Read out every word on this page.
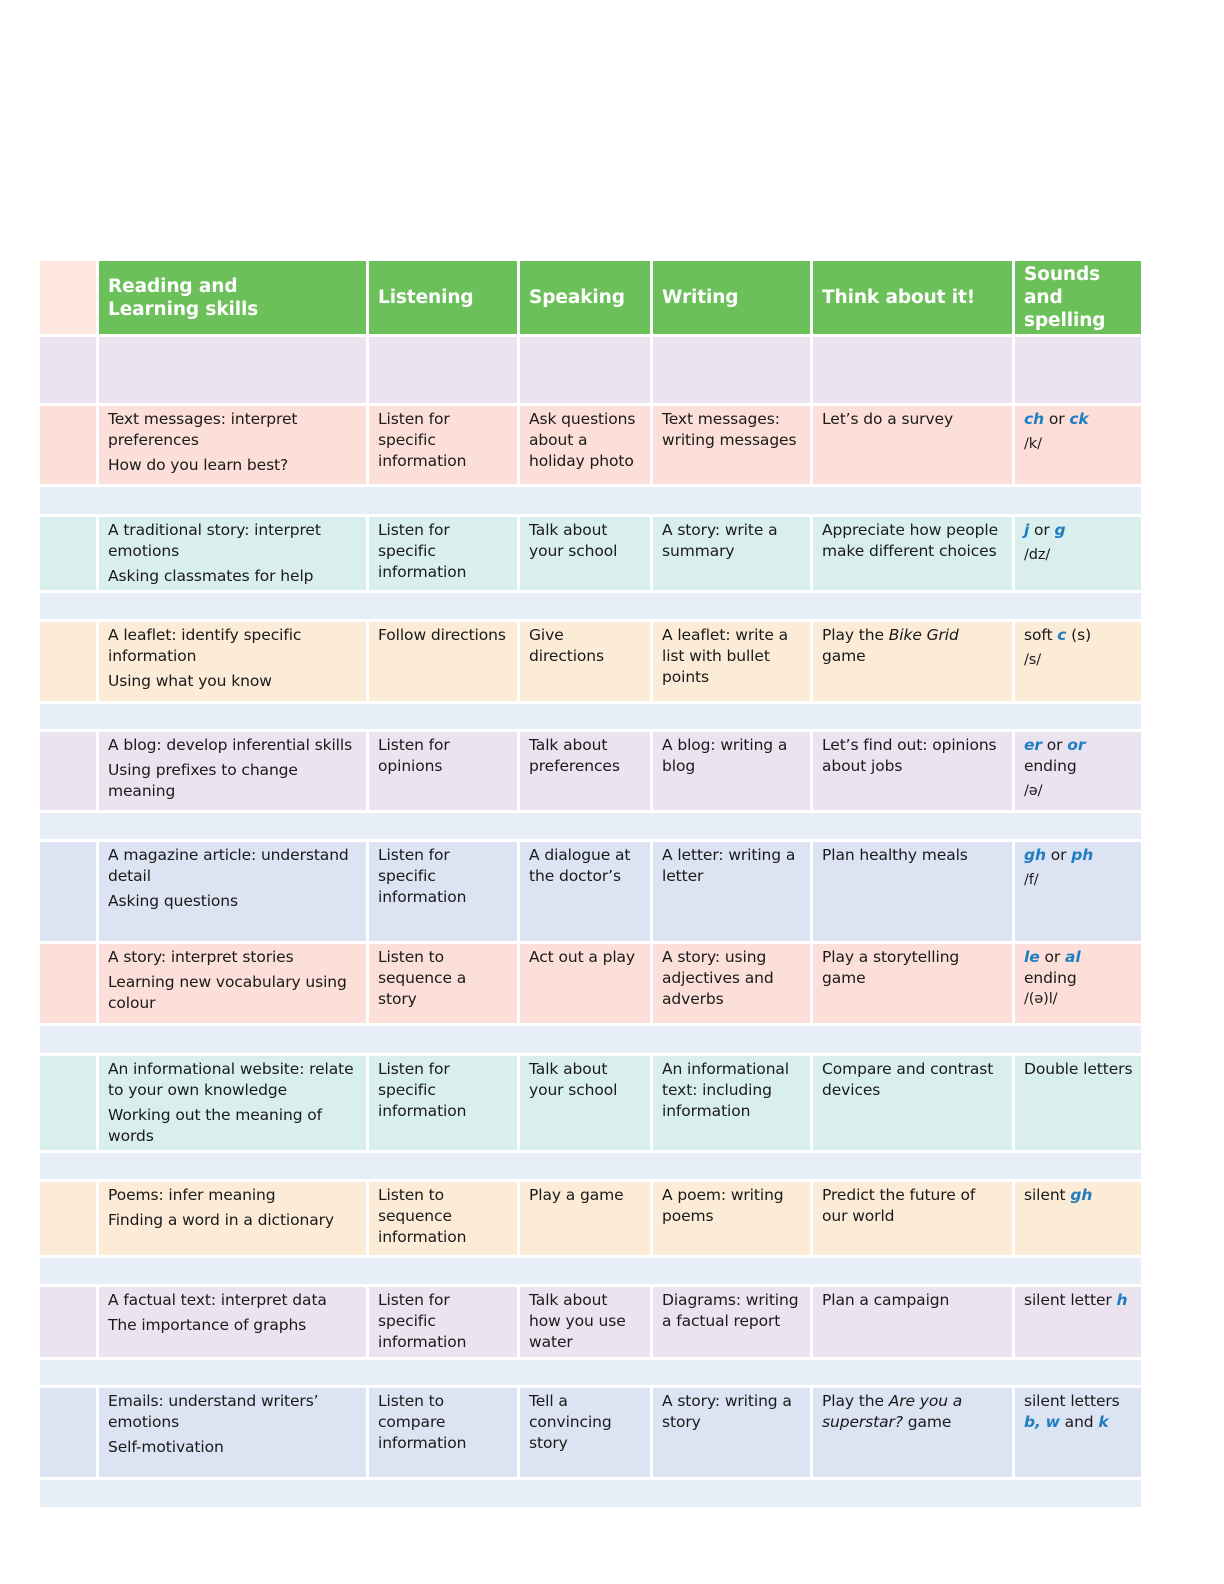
	Reading and
Learning skills	Listening	Speaking	Writing	Think about it!	Sounds and
spelling

	Text messages: interpret preferences
How do you learn best?	Listen for specific information	Ask questions about a holiday photo	Text messages: writing messages	Let’s do a survey	ch or ck
/k/

	A traditional story: interpret emotions
Asking classmates for help	Listen for specific information	Talk about your school	A story: write a summary	Appreciate how people make different choices	j or g
/dz/

	A leaflet: identify specific information
Using what you know	Follow directions	Give directions	A leaflet: write a list with bullet points	Play the Bike Grid game	soft c (s)
/s/

	A blog: develop inferential skills
Using prefixes to change meaning	Listen for opinions	Talk about preferences	A blog: writing a blog	Let’s find out: opinions about jobs	er or or ending
/ə/

	A magazine article: understand detail
Asking questions	Listen for specific information	A dialogue at the doctor’s	A letter: writing a letter	Plan healthy meals	gh or ph
/f/

	A story: interpret stories
Learning new vocabulary using colour	Listen to sequence a story	Act out a play	A story: using adjectives and adverbs	Play a storytelling game	le or al ending
/(ə)l/

	An informational website: relate to your own knowledge
Working out the meaning of words	Listen for specific information	Talk about your school	An informational text: including information	Compare and contrast devices	Double letters

	Poems: infer meaning
Finding a word in a dictionary	Listen to sequence information	Play a game	A poem: writing poems	Predict the future of our world	silent gh

	A factual text: interpret data
The importance of graphs	Listen for specific information	Talk about how you use water	Diagrams: writing a factual report	Plan a campaign	silent letter h

	Emails: understand writers’ emotions
Self-motivation	Listen to compare information	Tell a convincing story	A story: writing a story	Play the Are you a superstar? game	silent letters b, w and k
